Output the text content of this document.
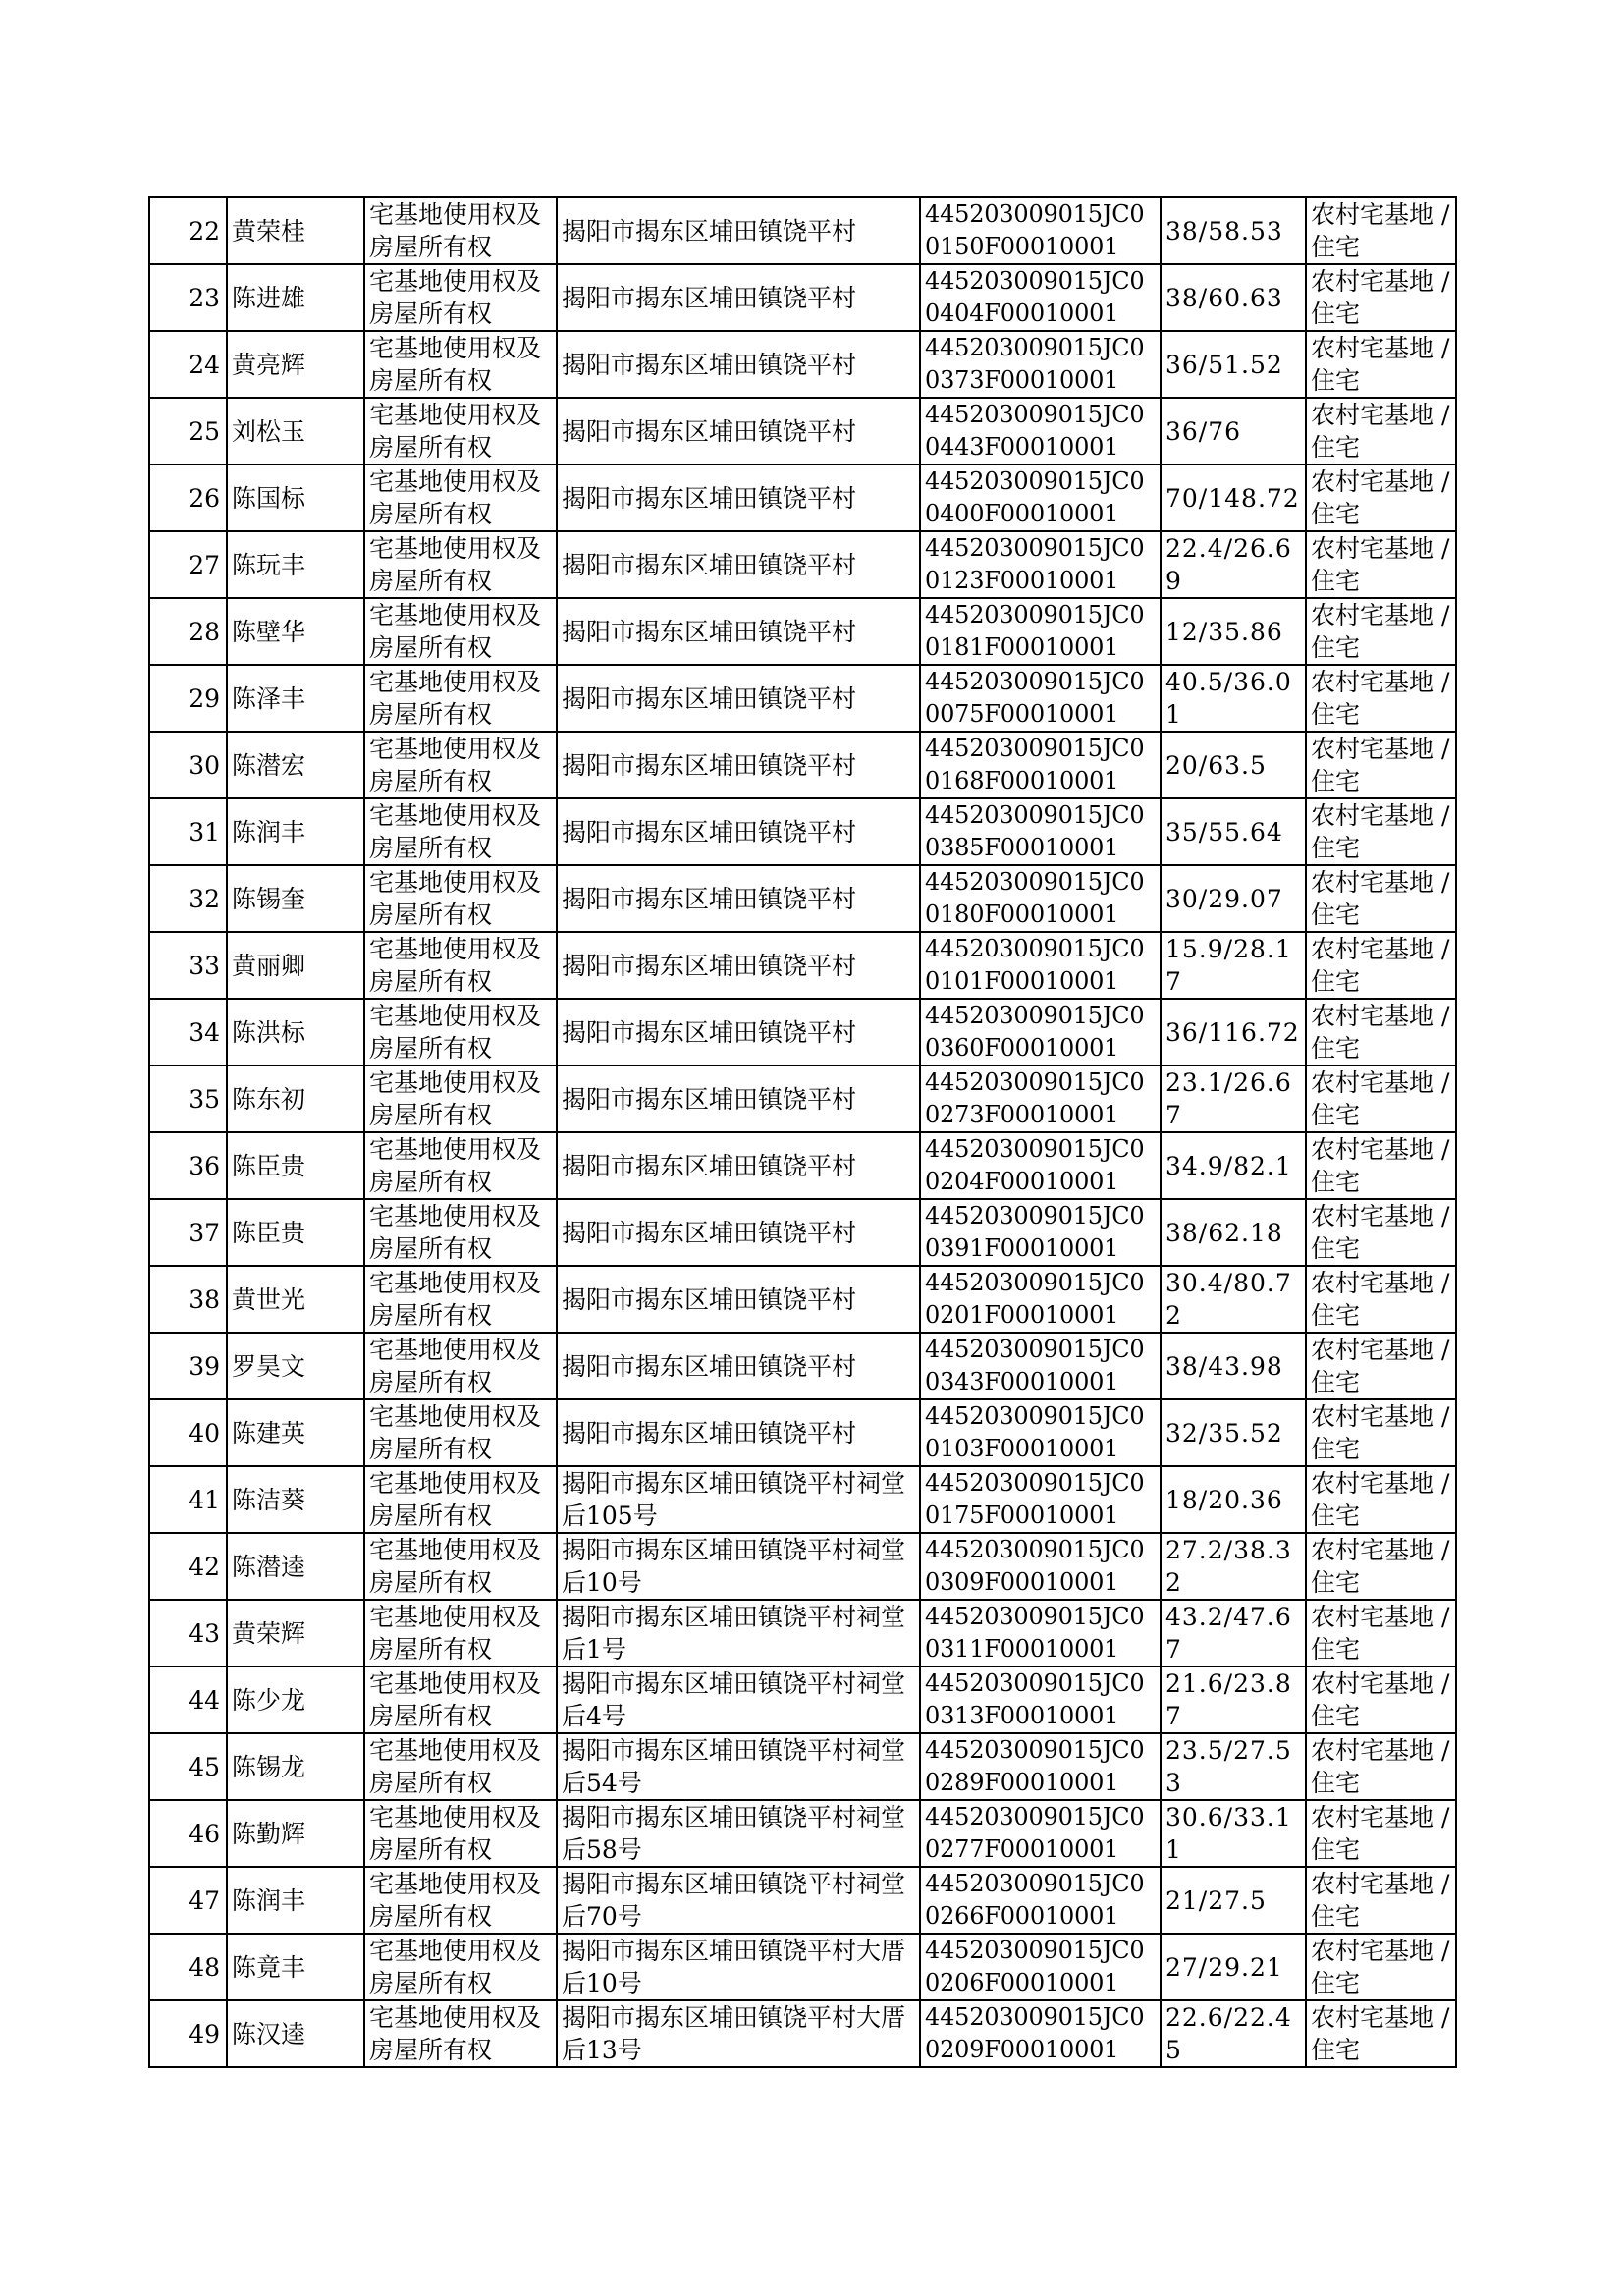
22	黄荣桂	宅基地使用权及房屋所有权	揭阳市揭东区埔田镇饶平村	445203009015JC00150F00010001	38/58.53	农村宅基地 / 住宅
23	陈进雄	宅基地使用权及房屋所有权	揭阳市揭东区埔田镇饶平村	445203009015JC00404F00010001	38/60.63	农村宅基地 / 住宅
24	黄亮辉	宅基地使用权及房屋所有权	揭阳市揭东区埔田镇饶平村	445203009015JC00373F00010001	36/51.52	农村宅基地 / 住宅
25	刘松玉	宅基地使用权及房屋所有权	揭阳市揭东区埔田镇饶平村	445203009015JC00443F00010001	36/76	农村宅基地 / 住宅
26	陈国标	宅基地使用权及房屋所有权	揭阳市揭东区埔田镇饶平村	445203009015JC00400F00010001	70/148.72	农村宅基地 / 住宅
27	陈玩丰	宅基地使用权及房屋所有权	揭阳市揭东区埔田镇饶平村	445203009015JC00123F00010001	22.4/26.69	农村宅基地 / 住宅
28	陈壁华	宅基地使用权及房屋所有权	揭阳市揭东区埔田镇饶平村	445203009015JC00181F00010001	12/35.86	农村宅基地 / 住宅
29	陈泽丰	宅基地使用权及房屋所有权	揭阳市揭东区埔田镇饶平村	445203009015JC00075F00010001	40.5/36.01	农村宅基地 / 住宅
30	陈潜宏	宅基地使用权及房屋所有权	揭阳市揭东区埔田镇饶平村	445203009015JC00168F00010001	20/63.5	农村宅基地 / 住宅
31	陈润丰	宅基地使用权及房屋所有权	揭阳市揭东区埔田镇饶平村	445203009015JC00385F00010001	35/55.64	农村宅基地 / 住宅
32	陈锡奎	宅基地使用权及房屋所有权	揭阳市揭东区埔田镇饶平村	445203009015JC00180F00010001	30/29.07	农村宅基地 / 住宅
33	黄丽卿	宅基地使用权及房屋所有权	揭阳市揭东区埔田镇饶平村	445203009015JC00101F00010001	15.9/28.17	农村宅基地 / 住宅
34	陈洪标	宅基地使用权及房屋所有权	揭阳市揭东区埔田镇饶平村	445203009015JC00360F00010001	36/116.72	农村宅基地 / 住宅
35	陈东初	宅基地使用权及房屋所有权	揭阳市揭东区埔田镇饶平村	445203009015JC00273F00010001	23.1/26.67	农村宅基地 / 住宅
36	陈臣贵	宅基地使用权及房屋所有权	揭阳市揭东区埔田镇饶平村	445203009015JC00204F00010001	34.9/82.1	农村宅基地 / 住宅
37	陈臣贵	宅基地使用权及房屋所有权	揭阳市揭东区埔田镇饶平村	445203009015JC00391F00010001	38/62.18	农村宅基地 / 住宅
38	黄世光	宅基地使用权及房屋所有权	揭阳市揭东区埔田镇饶平村	445203009015JC00201F00010001	30.4/80.72	农村宅基地 / 住宅
39	罗昊文	宅基地使用权及房屋所有权	揭阳市揭东区埔田镇饶平村	445203009015JC00343F00010001	38/43.98	农村宅基地 / 住宅
40	陈建英	宅基地使用权及房屋所有权	揭阳市揭东区埔田镇饶平村	445203009015JC00103F00010001	32/35.52	农村宅基地 / 住宅
41	陈洁葵	宅基地使用权及房屋所有权	揭阳市揭东区埔田镇饶平村祠堂后105号	445203009015JC00175F00010001	18/20.36	农村宅基地 / 住宅
42	陈潜逵	宅基地使用权及房屋所有权	揭阳市揭东区埔田镇饶平村祠堂后10号	445203009015JC00309F00010001	27.2/38.32	农村宅基地 / 住宅
43	黄荣辉	宅基地使用权及房屋所有权	揭阳市揭东区埔田镇饶平村祠堂后1号	445203009015JC00311F00010001	43.2/47.67	农村宅基地 / 住宅
44	陈少龙	宅基地使用权及房屋所有权	揭阳市揭东区埔田镇饶平村祠堂后4号	445203009015JC00313F00010001	21.6/23.87	农村宅基地 / 住宅
45	陈锡龙	宅基地使用权及房屋所有权	揭阳市揭东区埔田镇饶平村祠堂后54号	445203009015JC00289F00010001	23.5/27.53	农村宅基地 / 住宅
46	陈勤辉	宅基地使用权及房屋所有权	揭阳市揭东区埔田镇饶平村祠堂后58号	445203009015JC00277F00010001	30.6/33.11	农村宅基地 / 住宅
47	陈润丰	宅基地使用权及房屋所有权	揭阳市揭东区埔田镇饶平村祠堂后70号	445203009015JC00266F00010001	21/27.5	农村宅基地 / 住宅
48	陈竟丰	宅基地使用权及房屋所有权	揭阳市揭东区埔田镇饶平村大厝后10号	445203009015JC00206F00010001	27/29.21	农村宅基地 / 住宅
49	陈汉逵	宅基地使用权及房屋所有权	揭阳市揭东区埔田镇饶平村大厝后13号	445203009015JC00209F00010001	22.6/22.45	农村宅基地 / 住宅
